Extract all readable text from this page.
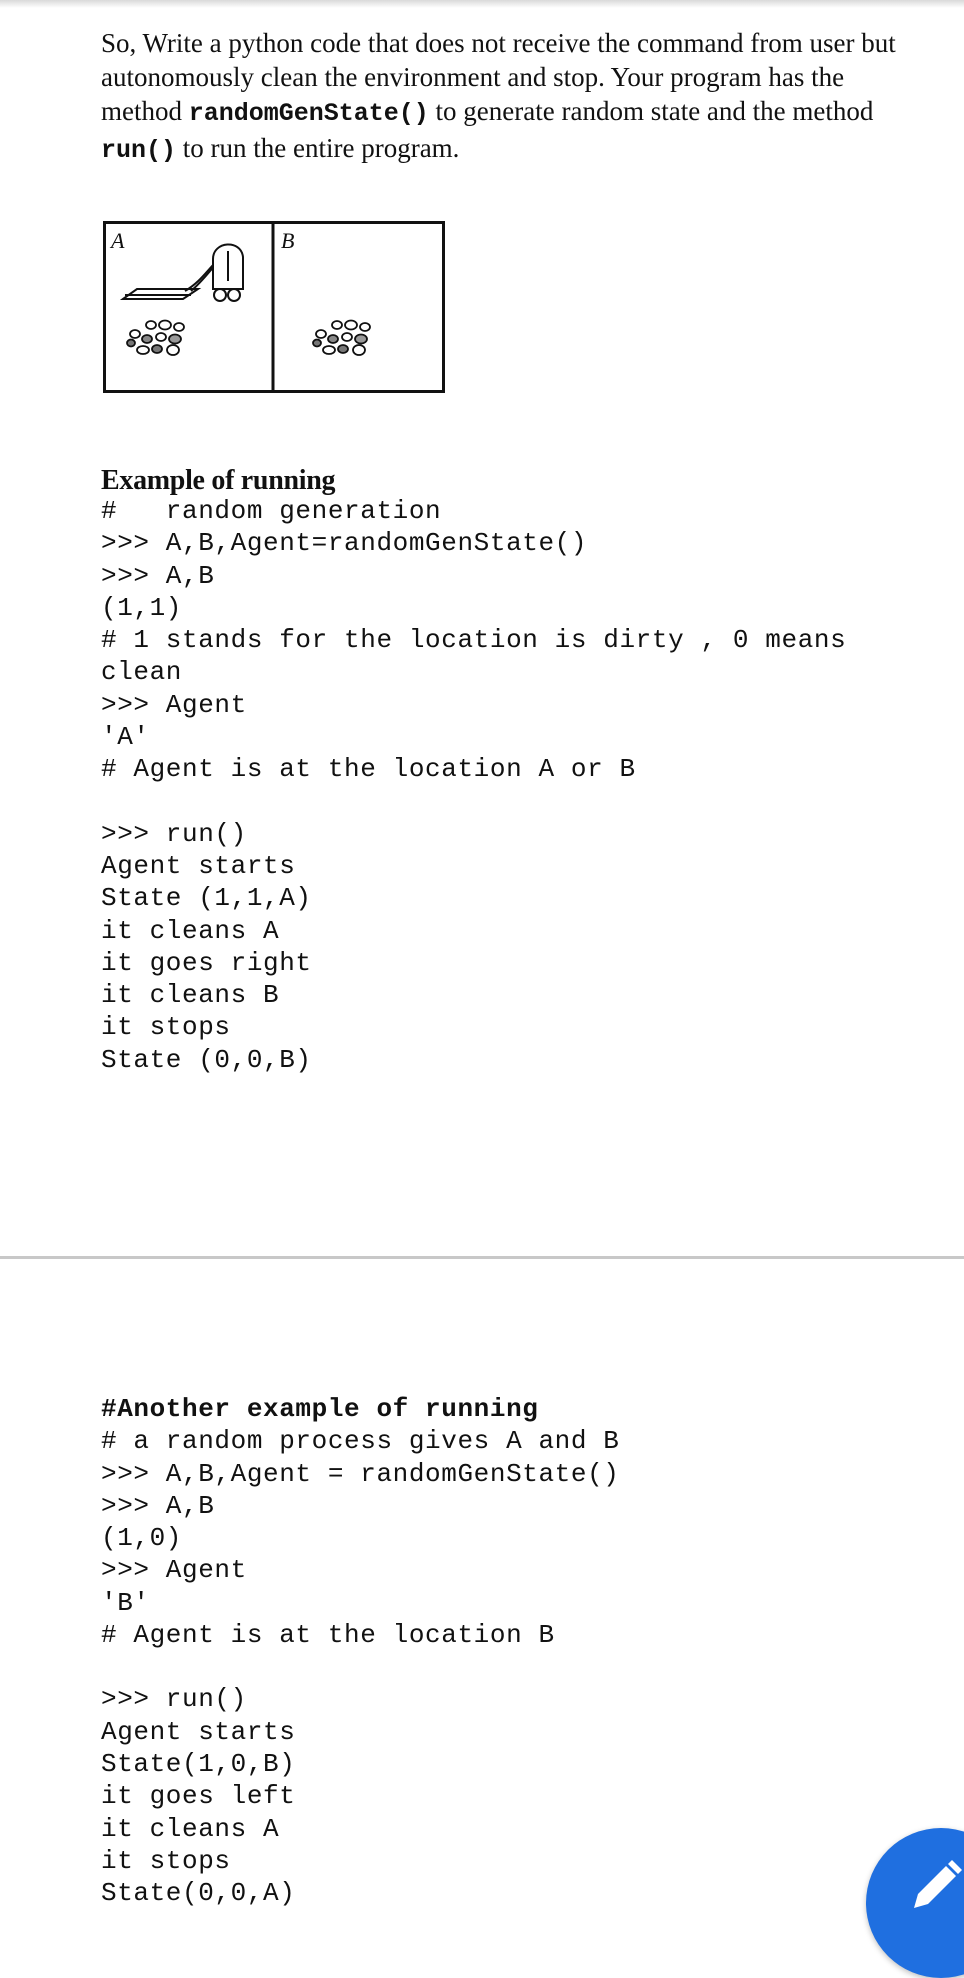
So, Write a python code that does not receive the command from user but

autonomously clean the environment and stop. Your program has the

method randomGenState() to generate random state and the method

run() to run the entire program.

A	B

Example of running

#   random generation

>>> A,B,Agent=randomGenState()

>>> A,B

(1,1)

# 1 stands for the location is dirty , 0 means

clean

>>> Agent

'A'

# Agent is at the location A or B

>>> run()

Agent starts

State (1,1,A)

it cleans A

it goes right

it cleans B

it stops

State (0,0,B)

#Another example of running

# a random process gives A and B

>>> A,B,Agent = randomGenState()

>>> A,B

(1,0)

>>> Agent

'B'

# Agent is at the location B

>>> run()

Agent starts

State(1,0,B)

it goes left

it cleans A

it stops

State(0,0,A)
